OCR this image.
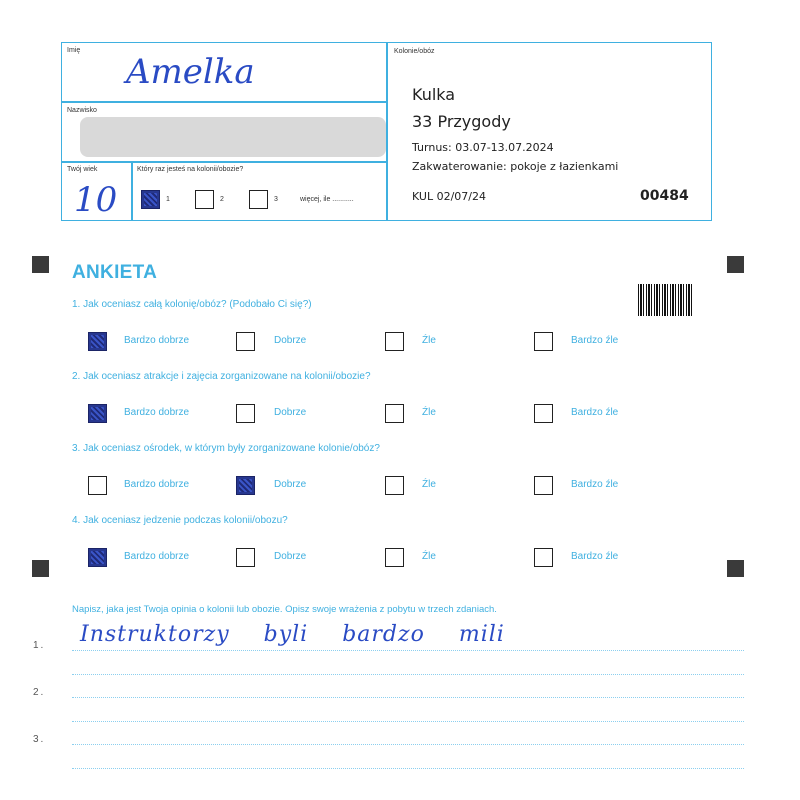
Imię
Amelka
Nazwisko
Twój wiek
10
Który raz jesteś na kolonii/obozie?
1	2	3	więcej, ile ...........
Kolonie/obóz
Kulka
33 Przygody
Turnus: 03.07-13.07.2024
Zakwaterowanie: pokoje z łazienkami
KUL 02/07/24	00484
ANKIETA
1. Jak oceniasz całą kolonię/obóz? (Podobało Ci się?)
Bardzo dobrze	Dobrze	Źle	Bardzo źle
2. Jak oceniasz atrakcje i zajęcia zorganizowane na kolonii/obozie?
Bardzo dobrze	Dobrze	Źle	Bardzo źle
3. Jak oceniasz ośrodek, w którym były zorganizowane kolonie/obóz?
Bardzo dobrze	Dobrze	Źle	Bardzo źle
4. Jak oceniasz jedzenie podczas kolonii/obozu?
Bardzo dobrze	Dobrze	Źle	Bardzo źle
Napisz, jaka jest Twoja opinia o kolonii lub obozie. Opisz swoje wrażenia z pobytu w trzech zdaniach.
1.
2.
3.
Instruktorzy byli bardzo mili
